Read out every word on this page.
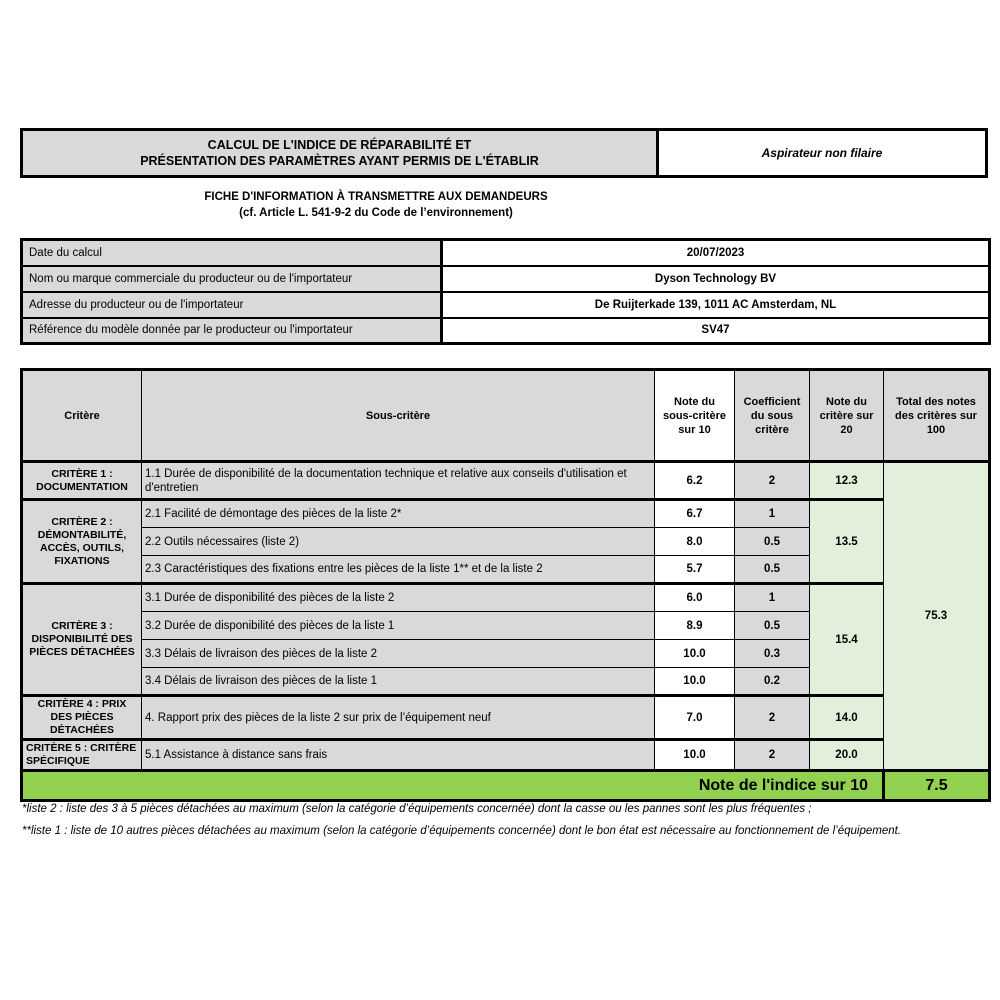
CALCUL DE L'INDICE DE RÉPARABILITÉ ET
PRÉSENTATION DES PARAMÈTRES AYANT PERMIS DE L'ÉTABLIR
Aspirateur non filaire
FICHE D'INFORMATION À TRANSMETTRE AUX DEMANDEURS
(cf. Article L. 541-9-2 du Code de l’environnement)
Date du calcul	20/07/2023
Nom ou marque commerciale du producteur ou de l'importateur	Dyson Technology BV
Adresse du producteur ou de l'importateur	De Ruijterkade 139, 1011 AC Amsterdam, NL
Référence du modèle donnée par le producteur ou l'importateur	SV47
Critère	Sous-critère	Note du sous-critère sur 10	Coefficient du sous critère	Note du critère sur 20	Total des notes des critères sur 100
CRITÈRE 1 : DOCUMENTATION	1.1 Durée de disponibilité de la documentation technique et relative aux conseils d'utilisation et d'entretien	6.2	2	12.3	75.3
CRITÈRE 2 : DÉMONTABILITÉ, ACCÈS, OUTILS, FIXATIONS	2.1 Facilité de démontage des pièces de la liste 2*	6.7	1	13.5	
	2.2 Outils nécessaires (liste 2)	8.0	0.5		
	2.3 Caractéristiques des fixations entre les pièces de la liste 1** et de la liste 2	5.7	0.5		
CRITÈRE 3 : DISPONIBILITÉ DES PIÈCES DÉTACHÉES	3.1 Durée de disponibilité des pièces de la liste 2	6.0	1	15.4	
	3.2 Durée de disponibilité des pièces de la liste 1	8.9	0.5		
	3.3 Délais de livraison des pièces de la liste 2	10.0	0.3		
	3.4 Délais de livraison des pièces de la liste 1	10.0	0.2		
CRITÈRE 4 : PRIX DES PIÈCES DÉTACHÉES	4. Rapport prix des pièces de la liste 2 sur prix de l’équipement neuf	7.0	2	14.0	
CRITÈRE 5 : CRITÈRE SPÉCIFIQUE	5.1 Assistance à distance sans frais	10.0	2	20.0	
Note de l'indice sur 10					7.5
*liste 2 : liste des 3 à 5 pièces détachées au maximum (selon la catégorie d’équipements concernée) dont la casse ou les pannes sont les plus fréquentes ;
**liste 1 : liste de 10 autres pièces détachées au maximum (selon la catégorie d’équipements concernée) dont le bon état est nécessaire au fonctionnement de l’équipement.
